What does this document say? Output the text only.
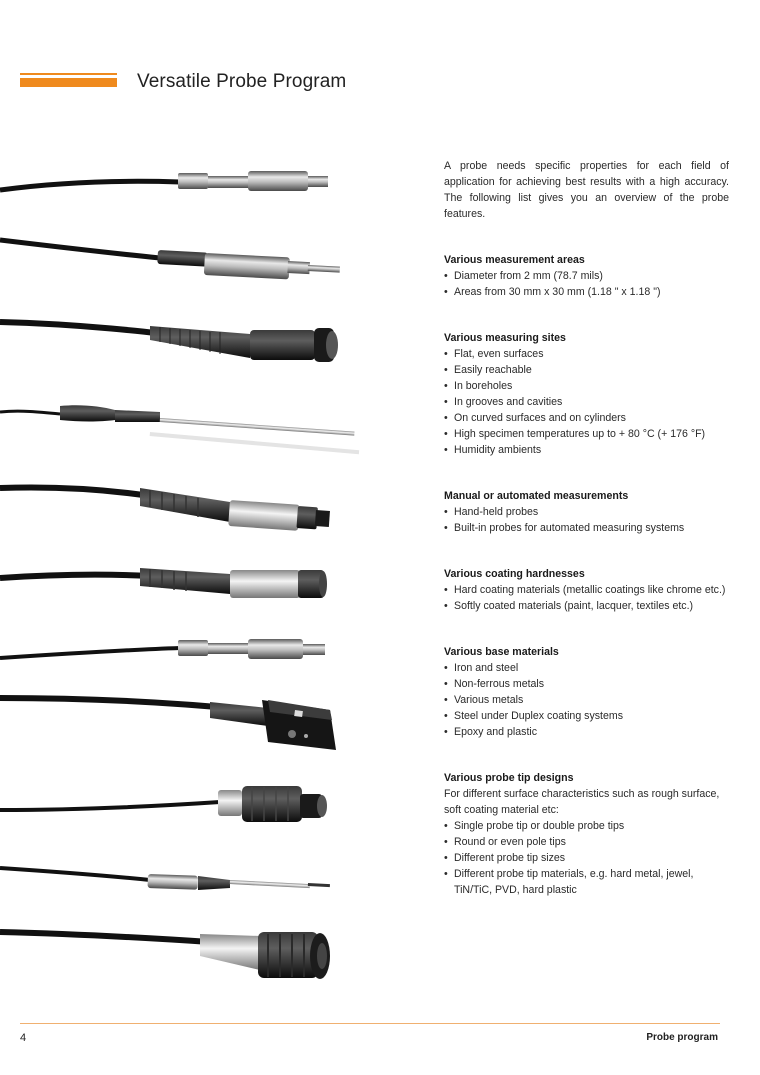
Versatile Probe Program

A probe needs specific properties for each field of application for achieving best results with a high accuracy. The following list gives you an overview of the probe features.

Various measurement areas
• Diameter from 2 mm (78.7 mils)
• Areas from 30 mm x 30 mm (1.18 " x 1.18 ")
Various measuring sites
• Flat, even surfaces
• Easily reachable
• In boreholes
• In grooves and cavities
• On curved surfaces and on cylinders
• High specimen temperatures up to + 80 °C (+ 176 °F)
• Humidity ambients
Manual or automated measurements
• Hand-held probes
• Built-in probes for automated measuring systems
Various coating hardnesses
• Hard coating materials (metallic coatings like chrome etc.)
• Softly coated materials (paint, lacquer, textiles etc.)
Various base materials
• Iron and steel
• Non-ferrous metals
• Various metals
• Steel under Duplex coating systems
• Epoxy and plastic
Various probe tip designs

For different surface characteristics such as rough surface, soft coating material etc:

• Single probe tip or double probe tips
• Round or even pole tips
• Different probe tip sizes
• Different probe tip materials, e.g. hard metal, jewel, TiN/TiC, PVD, hard plastic
4	Probe program
